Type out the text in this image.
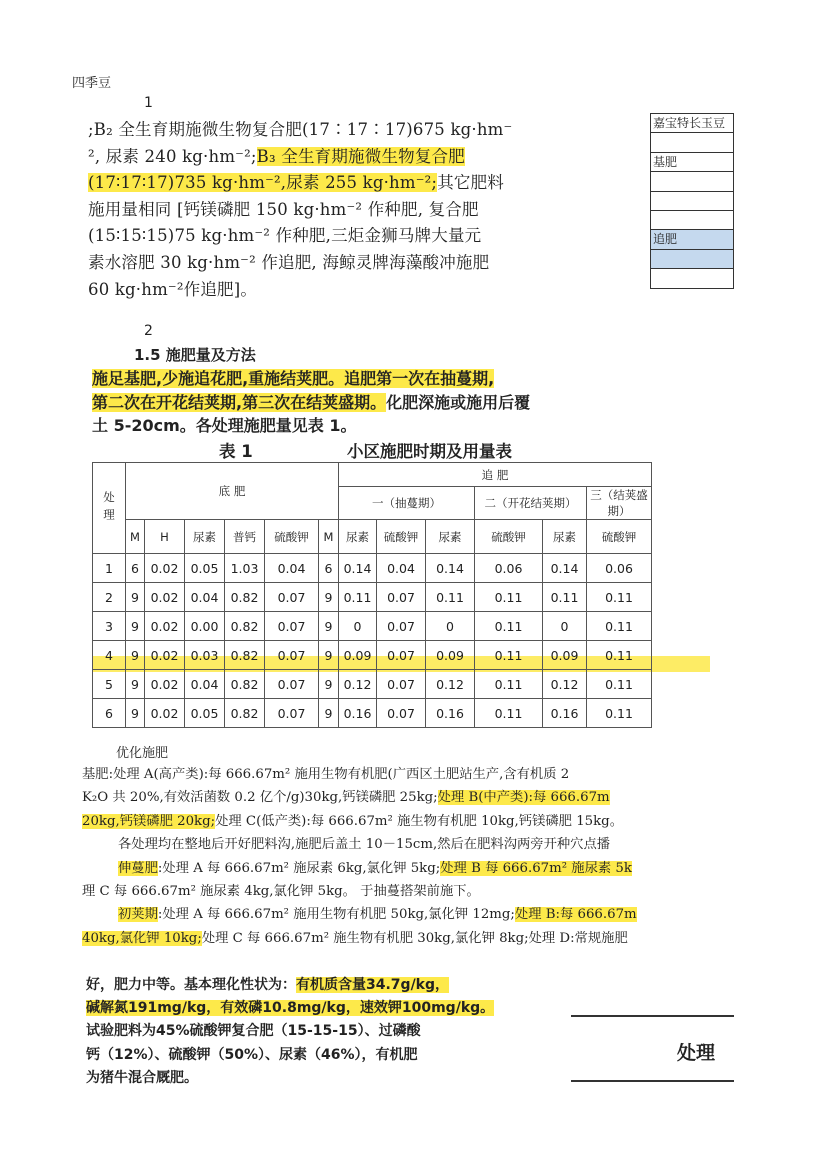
四季豆
1
2
;B₂ 全生育期施微生物复合肥(17∶17∶17)675 kg·hm⁻
², 尿素 240 kg·hm⁻²;B₃ 全生育期施微生物复合肥
(17∶17∶17)735 kg·hm⁻²,尿素 255 kg·hm⁻²;其它肥料
施用量相同 [钙镁磷肥 150 kg·hm⁻² 作种肥, 复合肥
(15∶15∶15)75 kg·hm⁻² 作种肥,三炬金狮马牌大量元
素水溶肥 30 kg·hm⁻² 作追肥, 海鲸灵牌海藻酸冲施肥
60 kg·hm⁻²作追肥]。
嘉宝特长玉豆
基肥
追肥
1.5 施肥量及方法
施足基肥,少施追花肥,重施结荚肥。追肥第一次在抽蔓期,
第二次在开花结荚期,第三次在结荚盛期。化肥深施或施用后覆
土 5-20cm。各处理施肥量见表 1。
表 1	小区施肥时期及用量表
处理	底 肥						追 肥					
							一（抽蔓期）			二（开花结荚期）		三（结荚盛期）
	M	H	尿素	普钙	硫酸钾	M	尿素	硫酸钾	尿素	硫酸钾	尿素	硫酸钾
1	6	0.02	0.05	1.03	0.04	6	0.14	0.04	0.14	0.06	0.14	0.06
2	9	0.02	0.04	0.82	0.07	9	0.11	0.07	0.11	0.11	0.11	0.11
3	9	0.02	0.00	0.82	0.07	9	0	0.07	0	0.11	0	0.11
4	9	0.02	0.03	0.82	0.07	9	0.09	0.07	0.09	0.11	0.09	0.11
5	9	0.02	0.04	0.82	0.07	9	0.12	0.07	0.12	0.11	0.12	0.11
6	9	0.02	0.05	0.82	0.07	9	0.16	0.07	0.16	0.11	0.16	0.11
优化施肥
基肥:处理 A(高产类):每 666.67m² 施用生物有机肥(广西区土肥站生产,含有机质 2
K₂O 共 20%,有效活菌数 0.2 亿个/g)30kg,钙镁磷肥 25kg;处理 B(中产类):每 666.67m
20kg,钙镁磷肥 20kg;处理 C(低产类):每 666.67m² 施生物有机肥 10kg,钙镁磷肥 15kg。
各处理均在整地后开好肥料沟,施肥后盖土 10－15cm,然后在肥料沟两旁开种穴点播
伸蔓肥:处理 A 每 666.67m² 施尿素 6kg,氯化钾 5kg;处理 B 每 666.67m² 施尿素 5k
理 C 每 666.67m² 施尿素 4kg,氯化钾 5kg。 于抽蔓搭架前施下。
初荚期:处理 A 每 666.67m² 施用生物有机肥 50kg,氯化钾 12mg;处理 B:每 666.67m
40kg,氯化钾 10kg;处理 C 每 666.67m² 施生物有机肥 30kg,氯化钾 8kg;处理 D:常规施肥
好，肥力中等。基本理化性状为：有机质含量34.7g/kg，
碱解氮191mg/kg，有效磷10.8mg/kg，速效钾100mg/kg。
试验肥料为45%硫酸钾复合肥（15-15-15）、过磷酸
钙（12%）、硫酸钾（50%）、尿素（46%），有机肥
为猪牛混合厩肥。
处理
